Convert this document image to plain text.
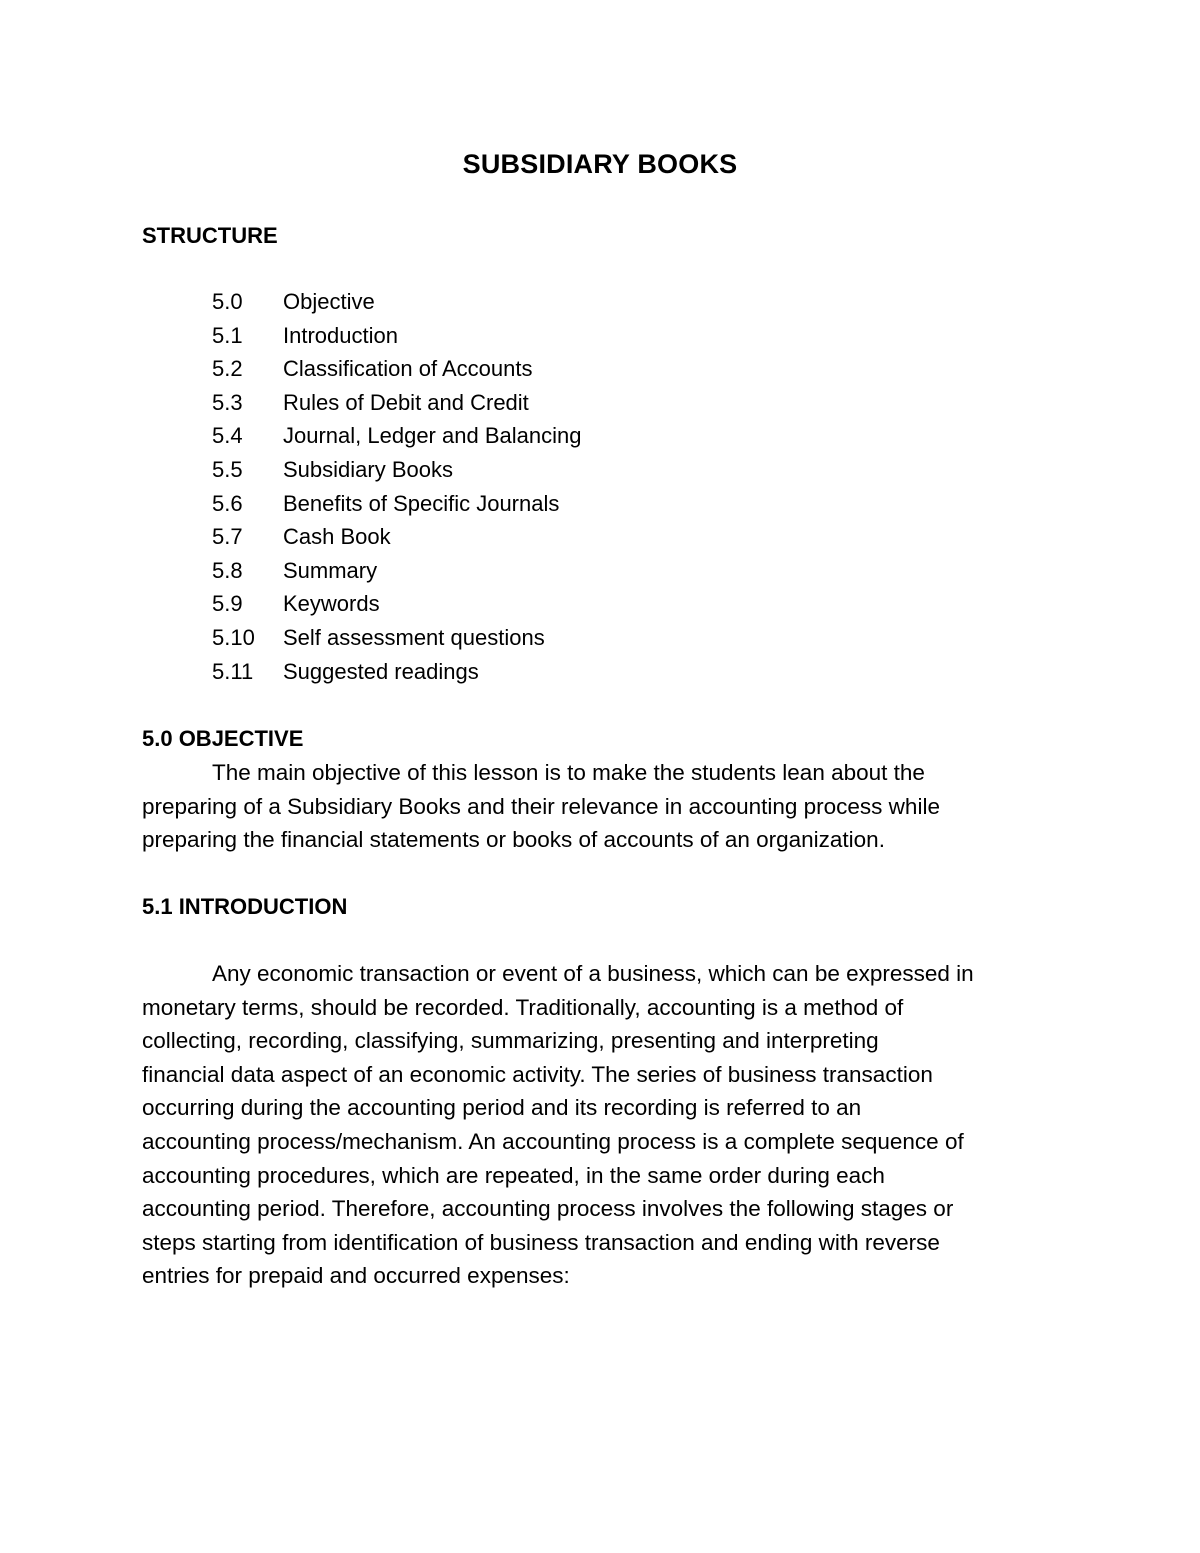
SUBSIDIARY BOOKS
STRUCTURE
5.0 Objective
5.1 Introduction
5.2 Classification of Accounts
5.3 Rules of Debit and Credit
5.4 Journal, Ledger and Balancing
5.5 Subsidiary Books
5.6 Benefits of Specific Journals
5.7 Cash Book
5.8 Summary
5.9 Keywords
5.10 Self assessment questions
5.11 Suggested readings
5.0 OBJECTIVE
The main objective of this lesson is to make the students lean about the
preparing of a Subsidiary Books and their relevance in accounting process while
preparing the financial statements or books of accounts of an organization.
5.1 INTRODUCTION
Any economic transaction or event of a business, which can be expressed in
monetary terms, should be recorded. Traditionally, accounting is a method of
collecting, recording, classifying, summarizing, presenting and interpreting
financial data aspect of an economic activity. The series of business transaction
occurring during the accounting period and its recording is referred to an
accounting process/mechanism. An accounting process is a complete sequence of
accounting procedures, which are repeated, in the same order during each
accounting period. Therefore, accounting process involves the following stages or
steps starting from identification of business transaction and ending with reverse
entries for prepaid and occurred expenses:
